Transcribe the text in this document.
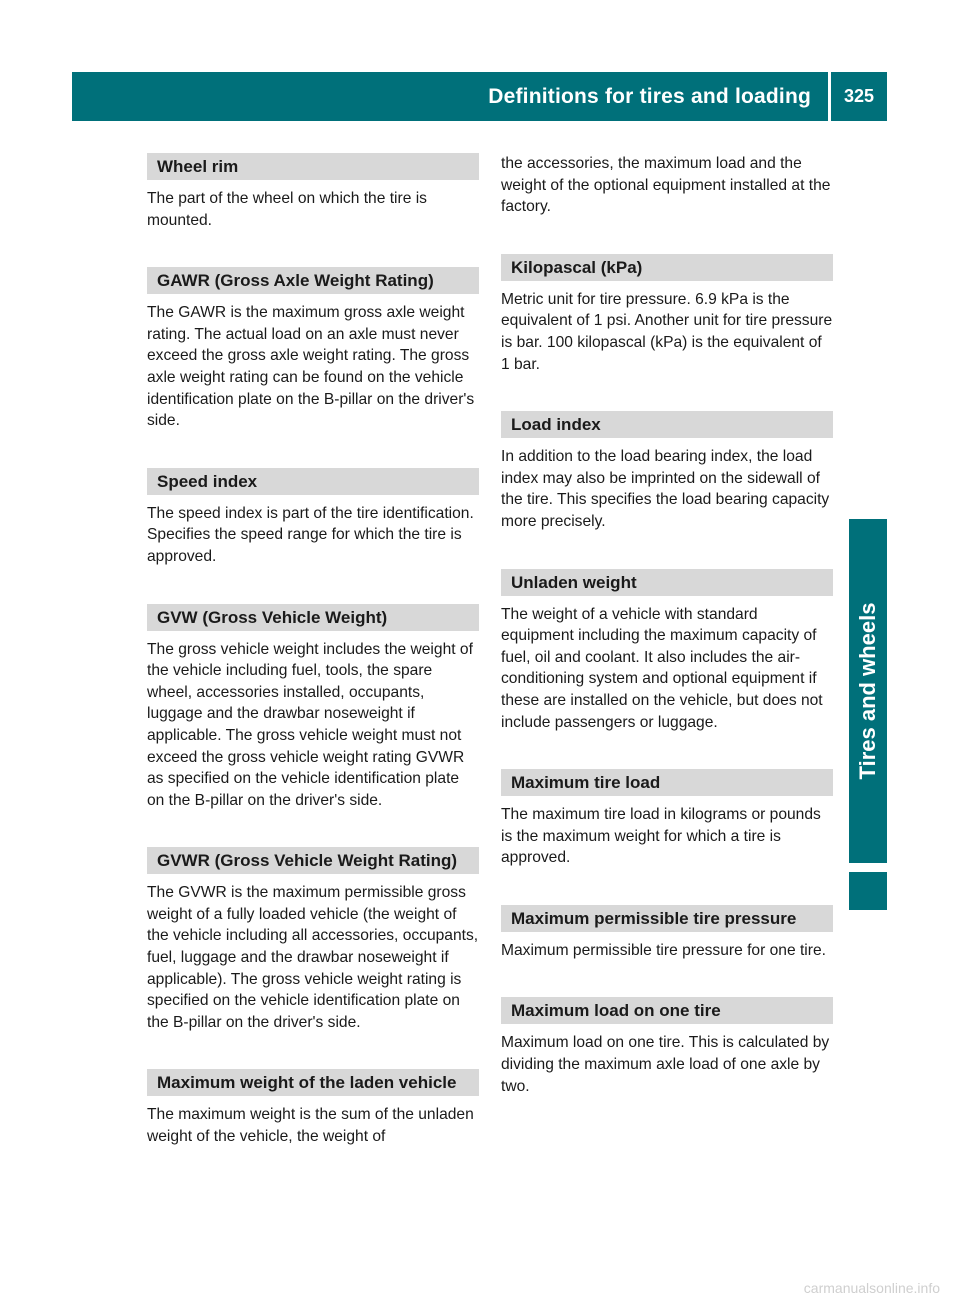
Definitions for tires and loading	325
Tires and wheels
Wheel rim
The part of the wheel on which the tire is mounted.
GAWR (Gross Axle Weight Rating)
The GAWR is the maximum gross axle weight rating. The actual load on an axle must never exceed the gross axle weight rating. The gross axle weight rating can be found on the vehicle identification plate on the B-pillar on the driver's side.
Speed index
The speed index is part of the tire identification. Specifies the speed range for which the tire is approved.
GVW (Gross Vehicle Weight)
The gross vehicle weight includes the weight of the vehicle including fuel, tools, the spare wheel, accessories installed, occupants, luggage and the drawbar noseweight if applicable. The gross vehicle weight must not exceed the gross vehicle weight rating GVWR as specified on the vehicle identification plate on the B-pillar on the driver's side.
GVWR (Gross Vehicle Weight Rating)
The GVWR is the maximum permissible gross weight of a fully loaded vehicle (the weight of the vehicle including all accessories, occupants, fuel, luggage and the drawbar noseweight if applicable). The gross vehicle weight rating is specified on the vehicle identification plate on the B-pillar on the driver's side.
Maximum weight of the laden vehicle
The maximum weight is the sum of the unladen weight of the vehicle, the weight of
the accessories, the maximum load and the weight of the optional equipment installed at the factory.
Kilopascal (kPa)
Metric unit for tire pressure. 6.9 kPa is the equivalent of 1 psi. Another unit for tire pressure is bar. 100 kilopascal (kPa) is the equivalent of 1 bar.
Load index
In addition to the load bearing index, the load index may also be imprinted on the sidewall of the tire. This specifies the load bearing capacity more precisely.
Unladen weight
The weight of a vehicle with standard equipment including the maximum capacity of fuel, oil and coolant. It also includes the air-conditioning system and optional equipment if these are installed on the vehicle, but does not include passengers or luggage.
Maximum tire load
The maximum tire load in kilograms or pounds is the maximum weight for which a tire is approved.
Maximum permissible tire pressure
Maximum permissible tire pressure for one tire.
Maximum load on one tire
Maximum load on one tire. This is calculated by dividing the maximum axle load of one axle by two.
carmanualsonline.info
